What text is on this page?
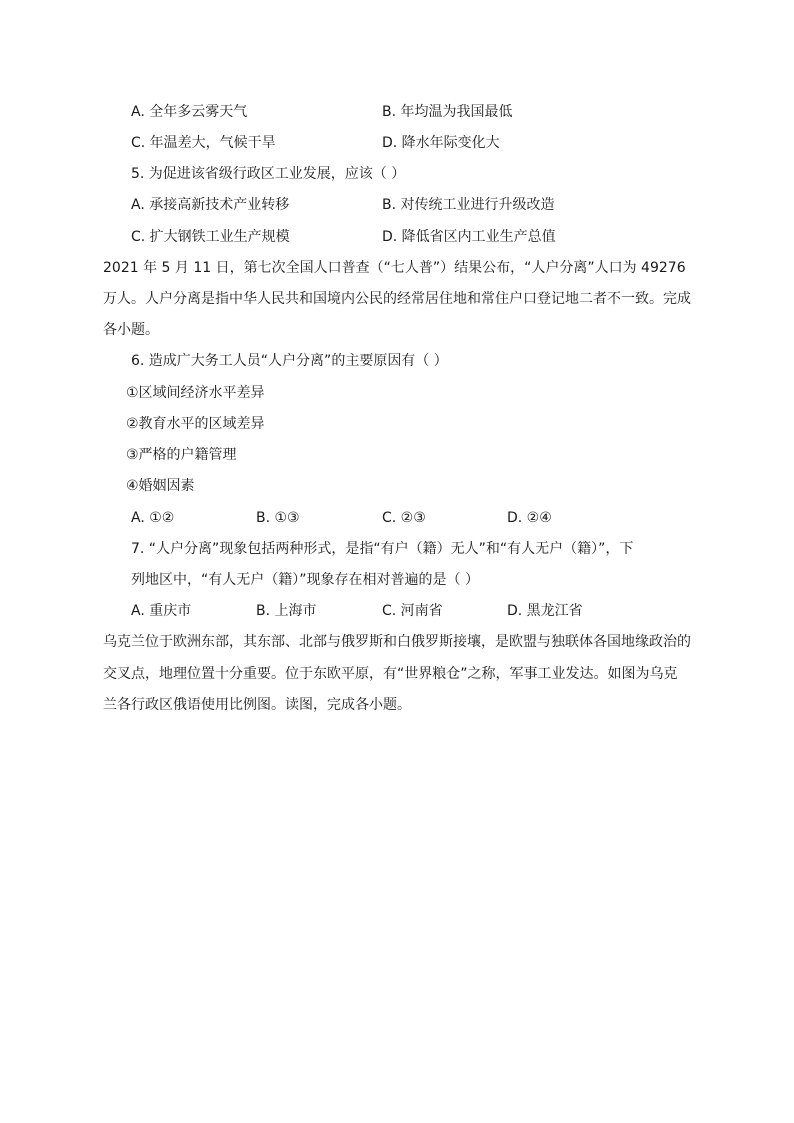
A. 全年多云雾天气	B. 年均温为我国最低
C. 年温差大，气候干旱	D. 降水年际变化大
5. 为促进该省级行政区工业发展，应该（ ）
A. 承接高新技术产业转移	B. 对传统工业进行升级改造
C. 扩大钢铁工业生产规模	D. 降低省区内工业生产总值
2021 年 5 月 11 日，第七次全国人口普查（“七人普”）结果公布，“人户分离”人口为 49276
万人。人户分离是指中华人民共和国境内公民的经常居住地和常住户口登记地二者不一致。完成
各小题。
6. 造成广大务工人员“人户分离”的主要原因有（ ）
①区域间经济水平差异
②教育水平的区域差异
③严格的户籍管理
④婚姻因素
A. ①②	B. ①③	C. ②③	D. ②④
7. “人户分离”现象包括两种形式，是指“有户（籍）无人”和“有人无户（籍）”，下
列地区中，“有人无户（籍）”现象存在相对普遍的是（ ）
A. 重庆市	B. 上海市	C. 河南省	D. 黑龙江省
乌克兰位于欧洲东部，其东部、北部与俄罗斯和白俄罗斯接壤，是欧盟与独联体各国地缘政治的
交叉点，地理位置十分重要。位于东欧平原，有“世界粮仓”之称，军事工业发达。如图为乌克
兰各行政区俄语使用比例图。读图，完成各小题。
